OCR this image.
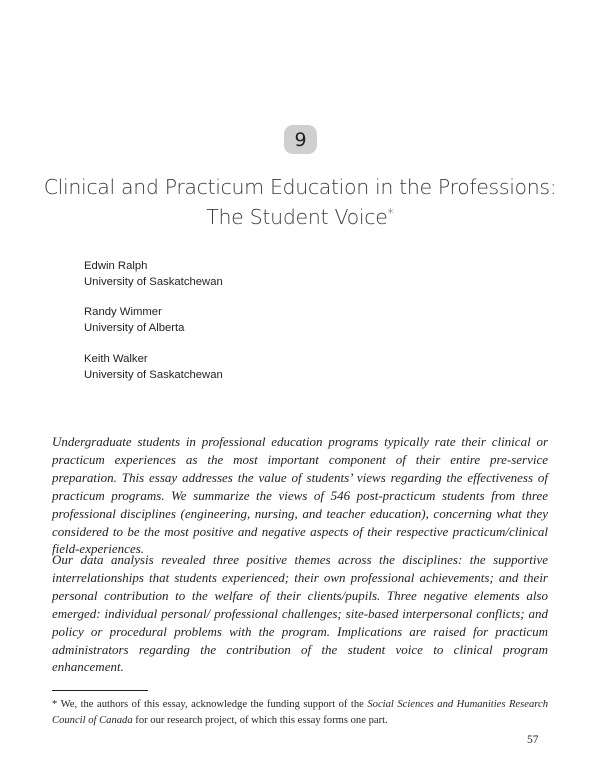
9
Clinical and Practicum Education in the Professions:
The Student Voice*
Edwin Ralph
University of Saskatchewan
Randy Wimmer
University of Alberta
Keith Walker
University of Saskatchewan

Undergraduate students in professional education programs typically rate their clinical or practicum experiences as the most important component of their entire pre-service preparation. This essay addresses the value of students’ views regarding the effectiveness of practicum programs. We summarize the views of 546 post-practicum students from three professional disciplines (engineering, nursing, and teacher education), concerning what they considered to be the most positive and negative aspects of their respective practicum/clinical field-experiences.

Our data analysis revealed three positive themes across the disciplines: the supportive interrelationships that students experienced; their own professional achievements; and their personal contribution to the welfare of their clients/pupils. Three negative elements also emerged: individual personal/ professional challenges; site-based interpersonal conflicts; and policy or procedural problems with the program. Implications are raised for practicum administrators regarding the contribution of the student voice to clinical program enhancement.

* We, the authors of this essay, acknowledge the funding support of the Social Sciences and Humanities Research Council of Canada for our research project, of which this essay forms one part.

57
